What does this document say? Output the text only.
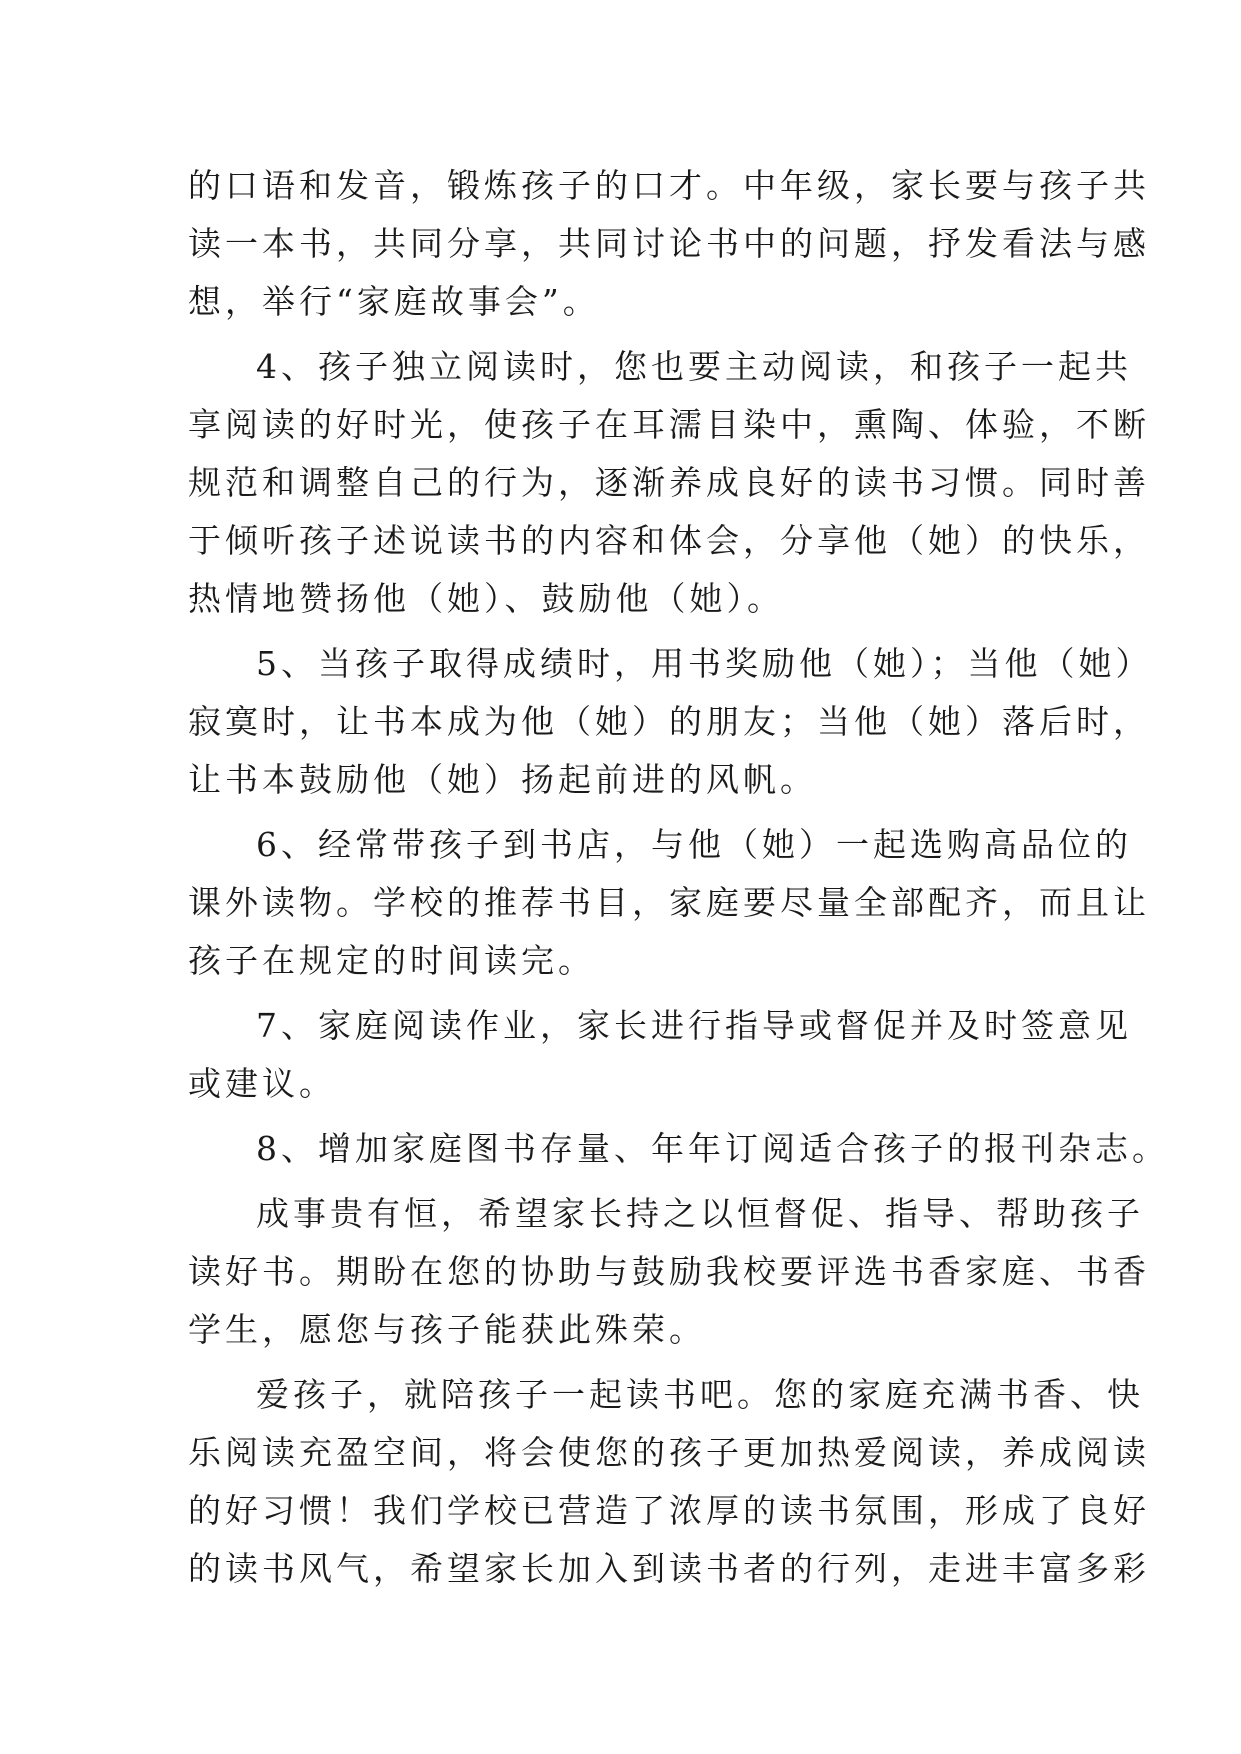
的口语和发音，锻炼孩子的口才。中年级，家长要与孩子共
读一本书，共同分享，共同讨论书中的问题，抒发看法与感
想，举行“家庭故事会”。
4、孩子独立阅读时，您也要主动阅读，和孩子一起共
享阅读的好时光，使孩子在耳濡目染中，熏陶、体验，不断
规范和调整自己的行为，逐渐养成良好的读书习惯。同时善
于倾听孩子述说读书的内容和体会，分享他（她）的快乐，
热情地赞扬他（她）、鼓励他（她）。
5、当孩子取得成绩时，用书奖励他（她）；当他（她）
寂寞时，让书本成为他（她）的朋友；当他（她）落后时，
让书本鼓励他（她）扬起前进的风帆。
6、经常带孩子到书店，与他（她）一起选购高品位的
课外读物。学校的推荐书目，家庭要尽量全部配齐，而且让
孩子在规定的时间读完。
7、家庭阅读作业，家长进行指导或督促并及时签意见
或建议。
8、增加家庭图书存量、年年订阅适合孩子的报刊杂志。
成事贵有恒，希望家长持之以恒督促、指导、帮助孩子
读好书。期盼在您的协助与鼓励我校要评选书香家庭、书香
学生，愿您与孩子能获此殊荣。
爱孩子，就陪孩子一起读书吧。您的家庭充满书香、快
乐阅读充盈空间，将会使您的孩子更加热爱阅读，养成阅读
的好习惯！我们学校已营造了浓厚的读书氛围，形成了良好
的读书风气，希望家长加入到读书者的行列，走进丰富多彩
